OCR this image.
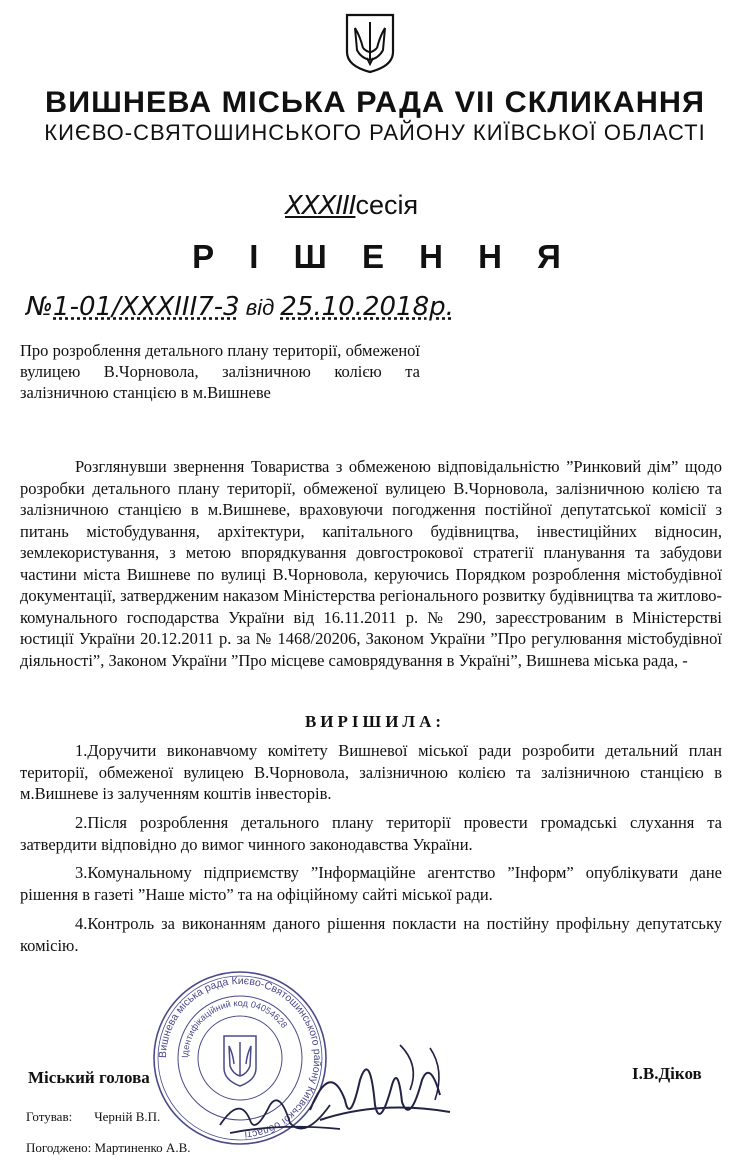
ВИШНЕВА МІСЬКА РАДА VII СКЛИКАННЯ
КИЄВО-СВЯТОШИНСЬКОГО РАЙОНУ КИЇВСЬКОЇ ОБЛАСТІ
XXXIIIсесія
Р І Ш Е Н Н Я
№1-01/XXXIII7-3 від 25.10.2018р.
Про розроблення детального плану території, обмеженої вулицею В.Чорновола, залізничною колією та залізничною станцією в м.Вишневе

Розглянувши звернення Товариства з обмеженою відповідальністю ”Ринковий дім” щодо розробки детального плану території, обмеженої вулицею В.Чорновола, залізничною колією та залізничною станцією в м.Вишневе, враховуючи погодження постійної депутатської комісії з питань містобудування, архітектури, капітального будівництва, інвестиційних відносин, землекористування, з метою впорядкування довгострокової стратегії планування та забудови частини міста Вишневе по вулиці В.Чорновола, керуючись Порядком розроблення містобудівної документації, затвердженим наказом Міністерства регіонального розвитку будівництва та житлово-комунального господарства України від 16.11.2011 р. № 290, зареєстрованим в Міністерстві юстиції України 20.12.2011 р. за № 1468/20206, Законом України ”Про регулювання містобудівної діяльності”, Законом України ”Про місцеве самоврядування в Україні”, Вишнева міська рада, -

ВИРІШИЛА:

1.Доручити виконавчому комітету Вишневої міської ради розробити детальний план території, обмеженої вулицею В.Чорновола, залізничною колією та залізничною станцією в м.Вишневе із залученням коштів інвесторів.

2.Після розроблення детального плану території провести громадські слухання та затвердити відповідно до вимог чинного законодавства України.

3.Комунальному підприємству ”Інформаційне агентство ”Інформ” опублікувати дане рішення в газеті ”Наше місто” та на офіційному сайті міської ради.

4.Контроль за виконанням даного рішення покласти на постійну профільну депутатську комісію.

Вишнева міська рада Києво-Святошинського району Київської області
Ідентифікаційний код 04054628
Міський голова	І.В.Діков
Готував: Черній В.П.
Погоджено: Мартиненко А.В.
